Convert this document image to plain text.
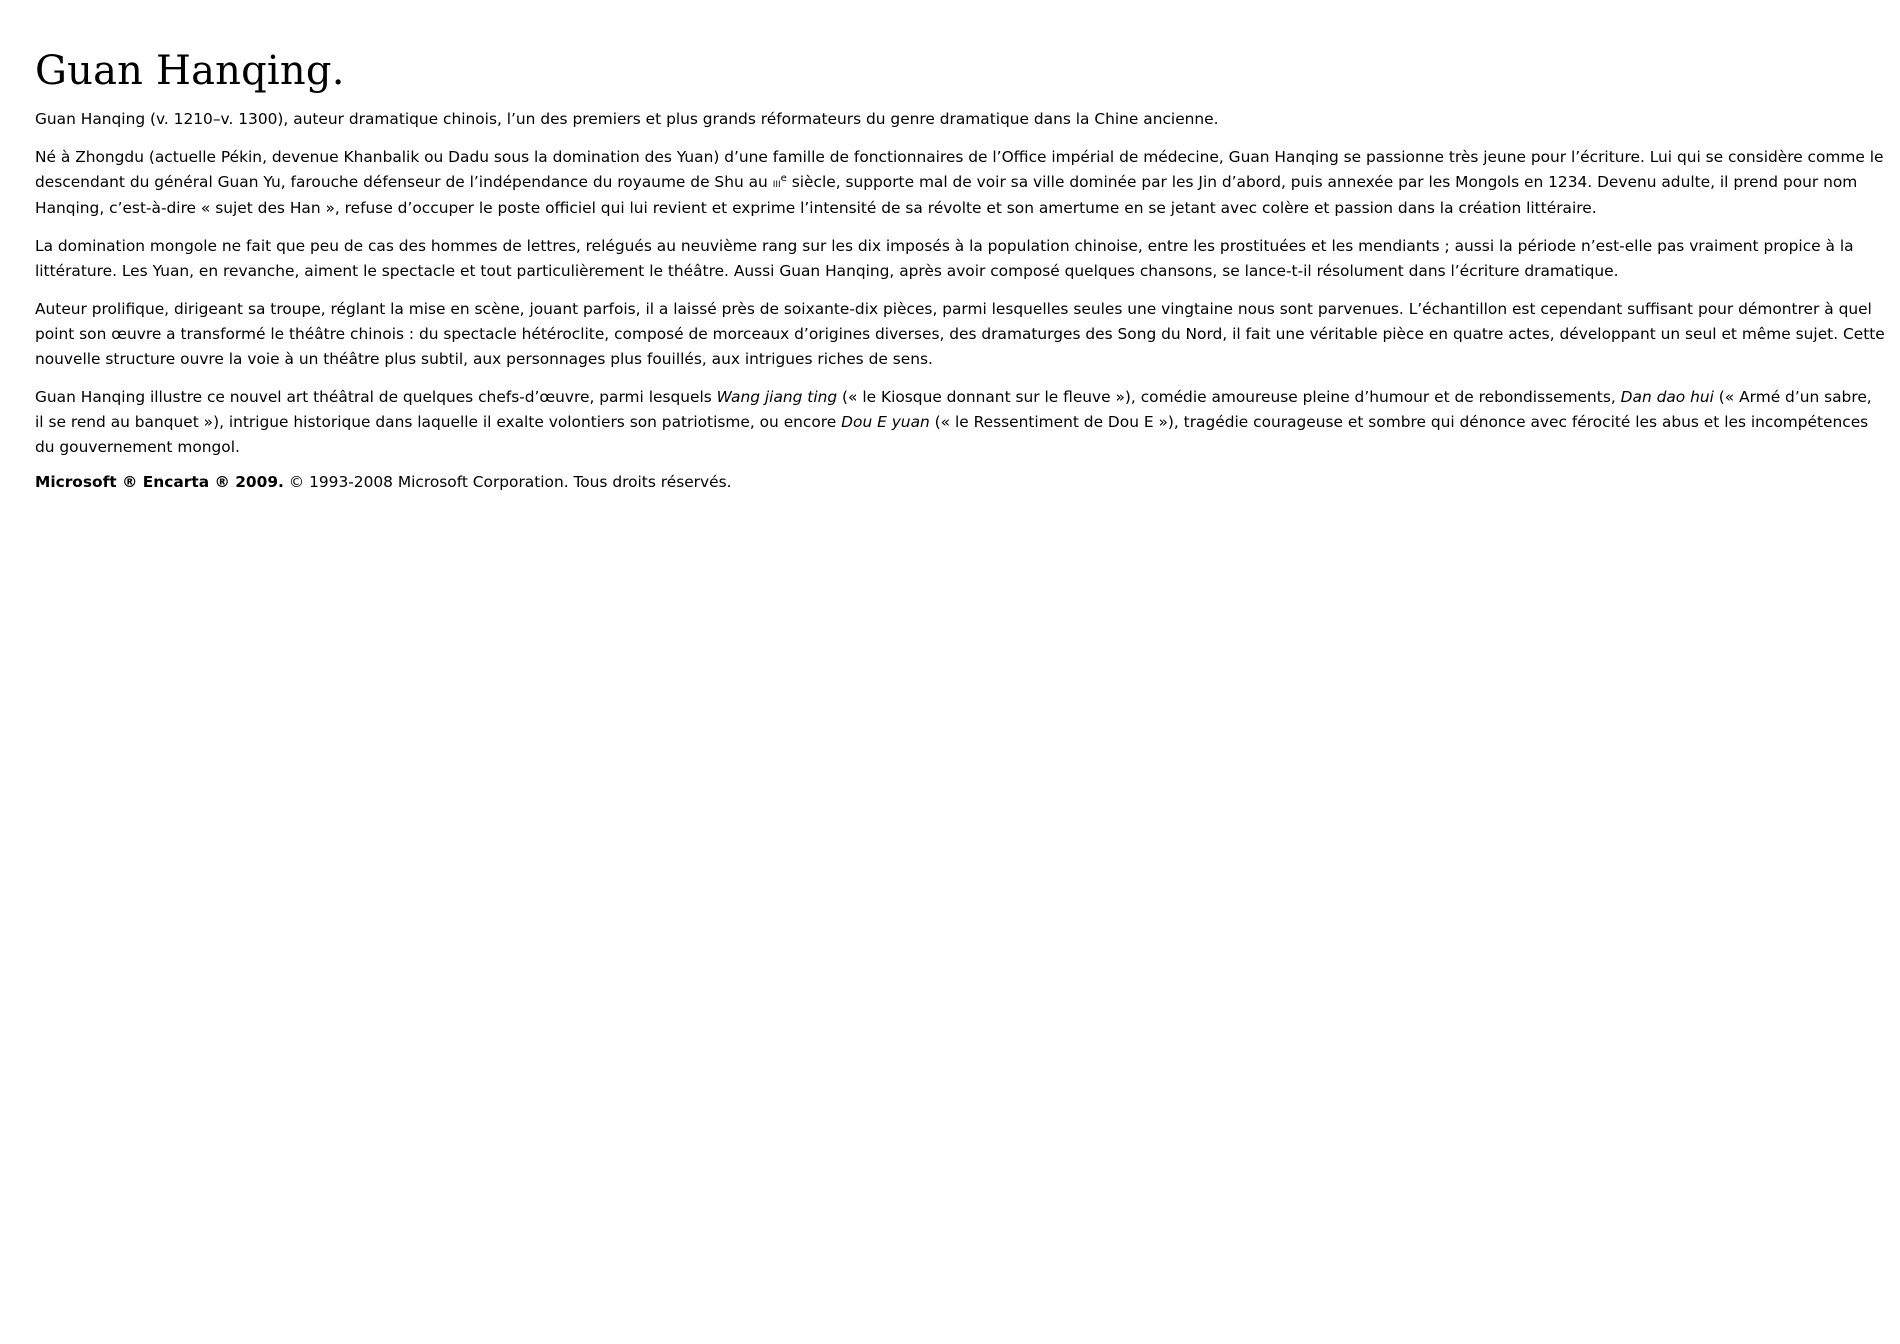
Guan Hanqing.

Guan Hanqing (v. 1210–v. 1300), auteur dramatique chinois, l’un des premiers et plus grands réformateurs du genre dramatique dans la Chine ancienne.

Né à Zhongdu (actuelle Pékin, devenue Khanbalik ou Dadu sous la domination des Yuan) d’une famille de fonctionnaires de l’Office impérial de médecine, Guan Hanqing se passionne très jeune pour l’écriture. Lui qui se considère comme le descendant du général Guan Yu, farouche défenseur de l’indépendance du royaume de Shu au iii$^e$ siècle, supporte mal de voir sa ville dominée par les Jin d’abord, puis annexée par les Mongols en 1234. Devenu adulte, il prend pour nom Hanqing, c’est-à-dire « sujet des Han », refuse d’occuper le poste officiel qui lui revient et exprime l’intensité de sa révolte et son amertume en se jetant avec colère et passion dans la création littéraire.

La domination mongole ne fait que peu de cas des hommes de lettres, relégués au neuvième rang sur les dix imposés à la population chinoise, entre les prostituées et les mendiants ; aussi la période n’est-elle pas vraiment propice à la littérature. Les Yuan, en revanche, aiment le spectacle et tout particulièrement le théâtre. Aussi Guan Hanqing, après avoir composé quelques chansons, se lance-t-il résolument dans l’écriture dramatique.

Auteur prolifique, dirigeant sa troupe, réglant la mise en scène, jouant parfois, il a laissé près de soixante-dix pièces, parmi lesquelles seules une vingtaine nous sont parvenues. L’échantillon est cependant suffisant pour démontrer à quel point son œuvre a transformé le théâtre chinois : du spectacle hétéroclite, composé de morceaux d’origines diverses, des dramaturges des Song du Nord, il fait une véritable pièce en quatre actes, développant un seul et même sujet. Cette nouvelle structure ouvre la voie à un théâtre plus subtil, aux personnages plus fouillés, aux intrigues riches de sens.

Guan Hanqing illustre ce nouvel art théâtral de quelques chefs-d’œuvre, parmi lesquels Wang jiang ting (« le Kiosque donnant sur le fleuve »), comédie amoureuse pleine d’humour et de rebondissements, Dan dao hui (« Armé d’un sabre, il se rend au banquet »), intrigue historique dans laquelle il exalte volontiers son patriotisme, ou encore Dou E yuan (« le Ressentiment de Dou E »), tragédie courageuse et sombre qui dénonce avec férocité les abus et les incompétences du gouvernement mongol.

Microsoft ® Encarta ® 2009. © 1993-2008 Microsoft Corporation. Tous droits réservés.
